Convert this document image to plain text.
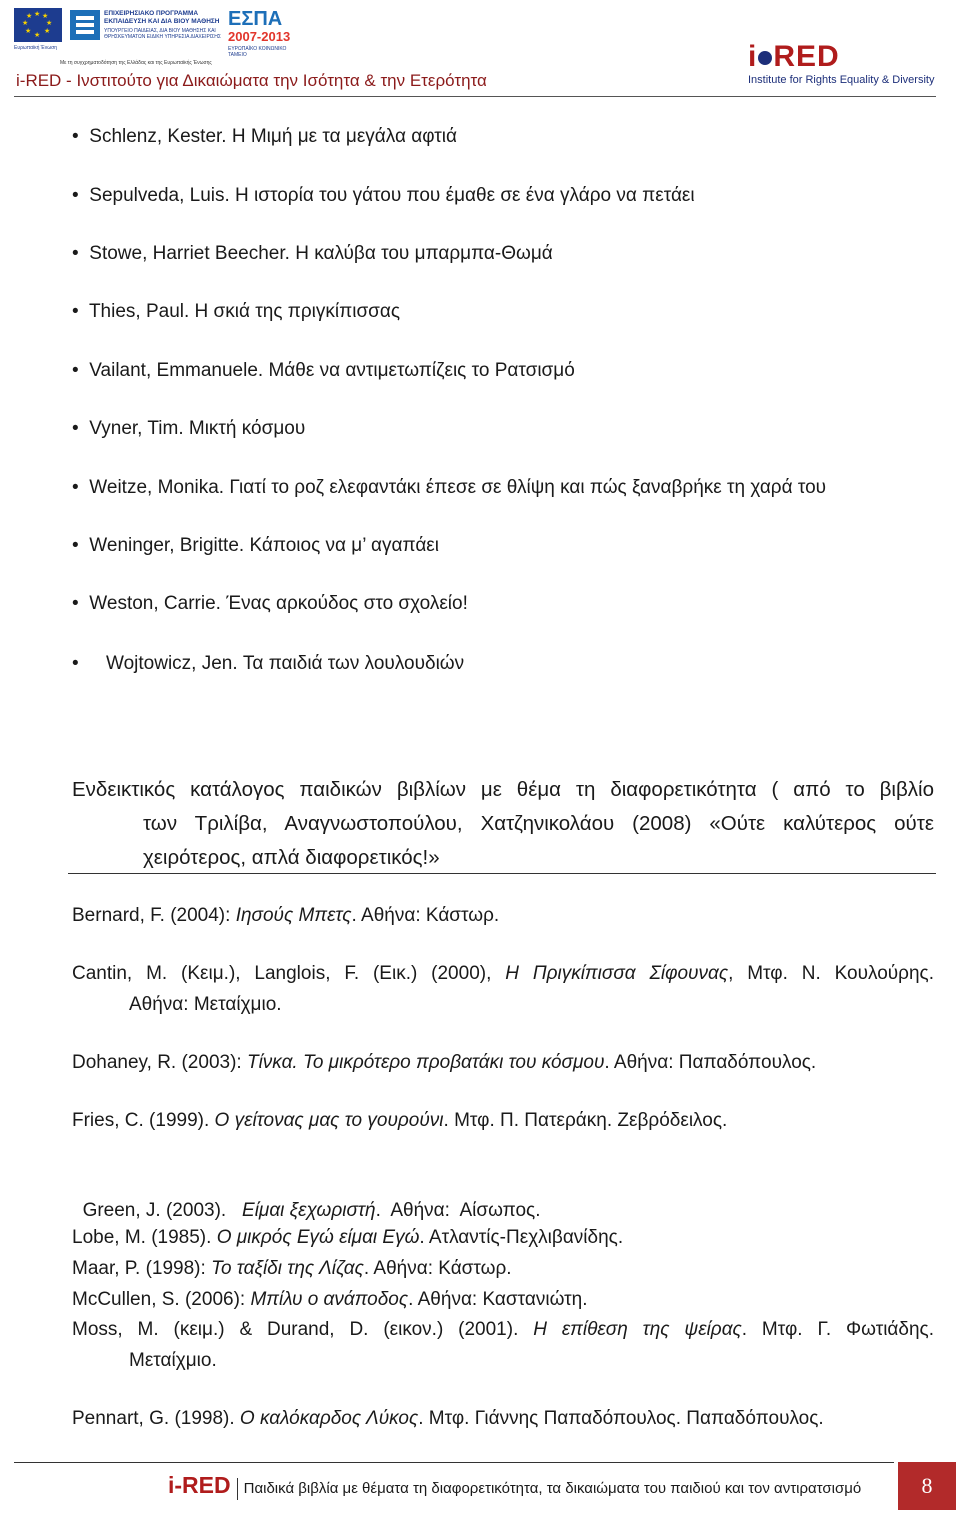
★ ★
★
★
★
★
★
★
Ευρωπαϊκή Ένωση
ΕΠΙΧΕΙΡΗΣΙΑΚΟ ΠΡΟΓΡΑΜΜΑ
ΕΚΠΑΙΔΕΥΣΗ ΚΑΙ ΔΙΑ ΒΙΟΥ ΜΑΘΗΣΗ
ΥΠΟΥΡΓΕΙΟ ΠΑΙΔΕΙΑΣ, ΔΙΑ ΒΙΟΥ ΜΑΘΗΣΗΣ ΚΑΙ ΘΡΗΣΚΕΥΜΑΤΩΝ ΕΙΔΙΚΗ ΥΠΗΡΕΣΙΑ ΔΙΑΧΕΙΡΙΣΗΣ
ΕΣΠΑ
2007-2013
ΕΥΡΩΠΑΪΚΟ ΚΟΙΝΩΝΙΚΟ ΤΑΜΕΙΟ
Με τη συγχρηματοδότηση της Ελλάδας και της Ευρωπαϊκής Ένωσης
i-RED - Ινστιτούτο για Δικαιώματα την Ισότητα & την Ετερότητα
i RED
Institute for Rights Equality & Diversity
• Schlenz, Kester. Η Μιμή με τα μεγάλα αφτιά
• Sepulveda, Luis. Η ιστορία του γάτου που έμαθε σε ένα γλάρο να πετάει
• Stowe, Harriet Beecher. Η καλύβα του μπαρμπα-Θωμά
• Thies, Paul. Η σκιά της πριγκίπισσας
• Vailant, Emmanuele. Μάθε να αντιμετωπίζεις το Ρατσισμό
• Vyner, Tim. Μικτή κόσμου
• Weitze, Monika. Γιατί το ροζ ελεφαντάκι έπεσε σε θλίψη και πώς ξαναβρήκε τη χαρά του
• Weninger, Brigitte. Κάποιος να μ’ αγαπάει
• Weston, Carrie. Ένας αρκούδος στο σχολείο!
• Wojtowicz, Jen. Τα παιδιά των λουλουδιών
Ενδεικτικός κατάλογος παιδικών βιβλίων με θέμα τη διαφορετικότητα ( από το βιβλίο
των Τριλίβα, Αναγνωστοπούλου, Χατζηνικολάου (2008) «Ούτε καλύτερος ούτε
χειρότερος, απλά διαφορετικός!»
Bernard, F. (2004): Ιησούς Μπετς. Αθήνα: Κάστωρ.
Cantin, M. (Κειμ.), Langlois, F. (Εικ.) (2000), Η Πριγκίπισσα Σίφουνας, Μτφ. Ν. Κουλούρης.
Αθήνα: Μεταίχμιο.
Dohaney, R. (2003): Τίνκα. Το μικρότερο προβατάκι του κόσμου. Αθήνα: Παπαδόπουλος.
Fries, C. (1999). Ο γείτονας μας το γουρούνι. Μτφ. Π. Πατεράκη. Ζεβρόδειλος.

Green, J. (2003).   Είμαι ξεχωριστή.  Αθήνα:  Αίσωπος.

Lobe, M. (1985). Ο μικρός Εγώ είμαι Εγώ. Ατλαντίς-Πεχλιβανίδης.
Maar, P. (1998): Το ταξίδι της Λίζας. Αθήνα: Κάστωρ.
McCullen, S. (2006): Μπίλυ ο ανάποδος. Αθήνα: Καστανιώτη.
Moss, M. (κειμ.) & Durand, D. (εικον.) (2001). Η επίθεση της ψείρας. Μτφ. Γ. Φωτιάδης.
Μεταίχμιο.
Pennart, G. (1998). Ο καλόκαρδος Λύκος. Μτφ. Γιάννης Παπαδόπουλος. Παπαδόπουλος.
i-RED Παιδικά βιβλία με θέματα τη διαφορετικότητα, τα δικαιώματα του παιδιού και τον αντιρατσισμό	8
